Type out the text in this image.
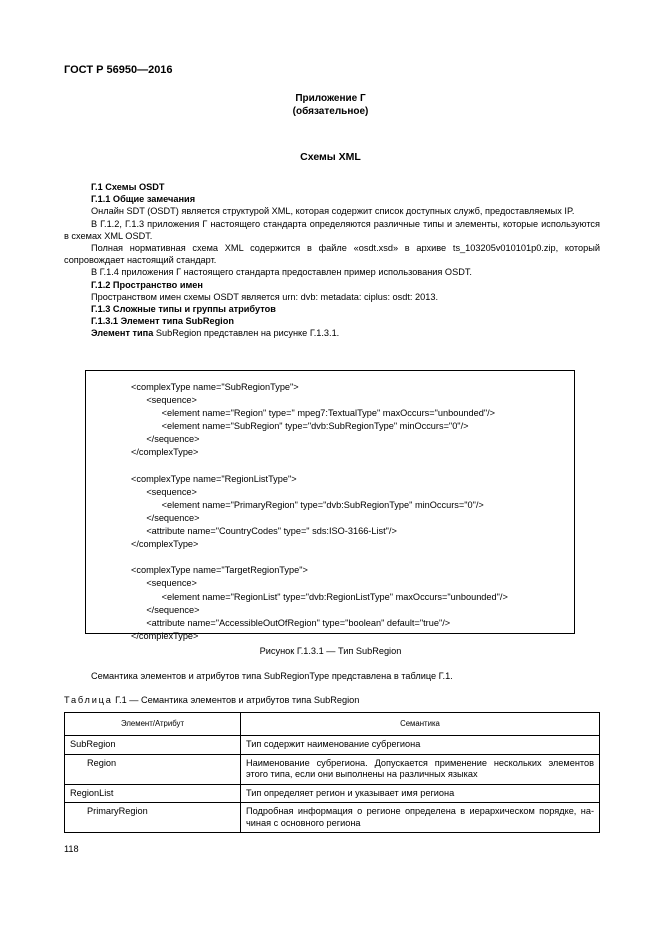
ГОСТ Р 56950—2016
Приложение Г
(обязательное)
Схемы XML

Г.1 Схемы OSDT

Г.1.1 Общие замечания

Онлайн SDT (OSDT) является структурой XML, которая содержит список доступных служб, предоставляемых IP.

В Г.1.2, Г.1.3 приложения Г настоящего стандарта определяются различные типы и элементы, которые используются в схемах XML OSDT.

Полная нормативная схема XML содержится в файле «osdt.xsd» в архиве ts_103205v010101p0.zip, который сопровождает настоящий стандарт.

В Г.1.4 приложения Г настоящего стандарта предоставлен пример использования OSDT.

Г.1.2 Пространство имен

Пространством имен схемы OSDT является urn: dvb: metadata: ciplus: osdt: 2013.

Г.1.3 Сложные типы и группы атрибутов

Г.1.3.1 Элемент типа SubRegion

Элемент типа SubRegion представлен на рисунке Г.1.3.1.

<complexType name="SubRegionType">
<sequence>
<element name="Region" type=" mpeg7:TextualType" maxOccurs="unbounded"/>
<element name="SubRegion" type="dvb:SubRegionType" minOccurs="0"/>
</sequence>
</complexType>

<complexType name="RegionListType">
<sequence>
<element name="PrimaryRegion" type="dvb:SubRegionType" minOccurs="0"/>
</sequence>
<attribute name="CountryCodes" type=" sds:ISO-3166-List"/>
</complexType>

<complexType name="TargetRegionType">
<sequence>
<element name="RegionList" type="dvb:RegionListType" maxOccurs="unbounded"/>
</sequence>
<attribute name="AccessibleOutOfRegion" type="boolean" default="true"/>
</complexType>
Рисунок Г.1.3.1 — Тип SubRegion
Семантика элементов и атрибутов типа SubRegionType представлена в таблице Г.1.
Таблица Г.1 — Семантика элементов и атрибутов типа SubRegion
Элемент/Атрибут	Семантика
SubRegion	Тип содержит наименование субрегиона
Region	Наименование субрегиона. Допускается применение нескольких элементов этого типа, если они выполнены на различных языках
RegionList	Тип определяет регион и указывает имя региона
PrimaryRegion	Подробная информация о регионе определена в иерархическом порядке, начиная с основного региона
118
